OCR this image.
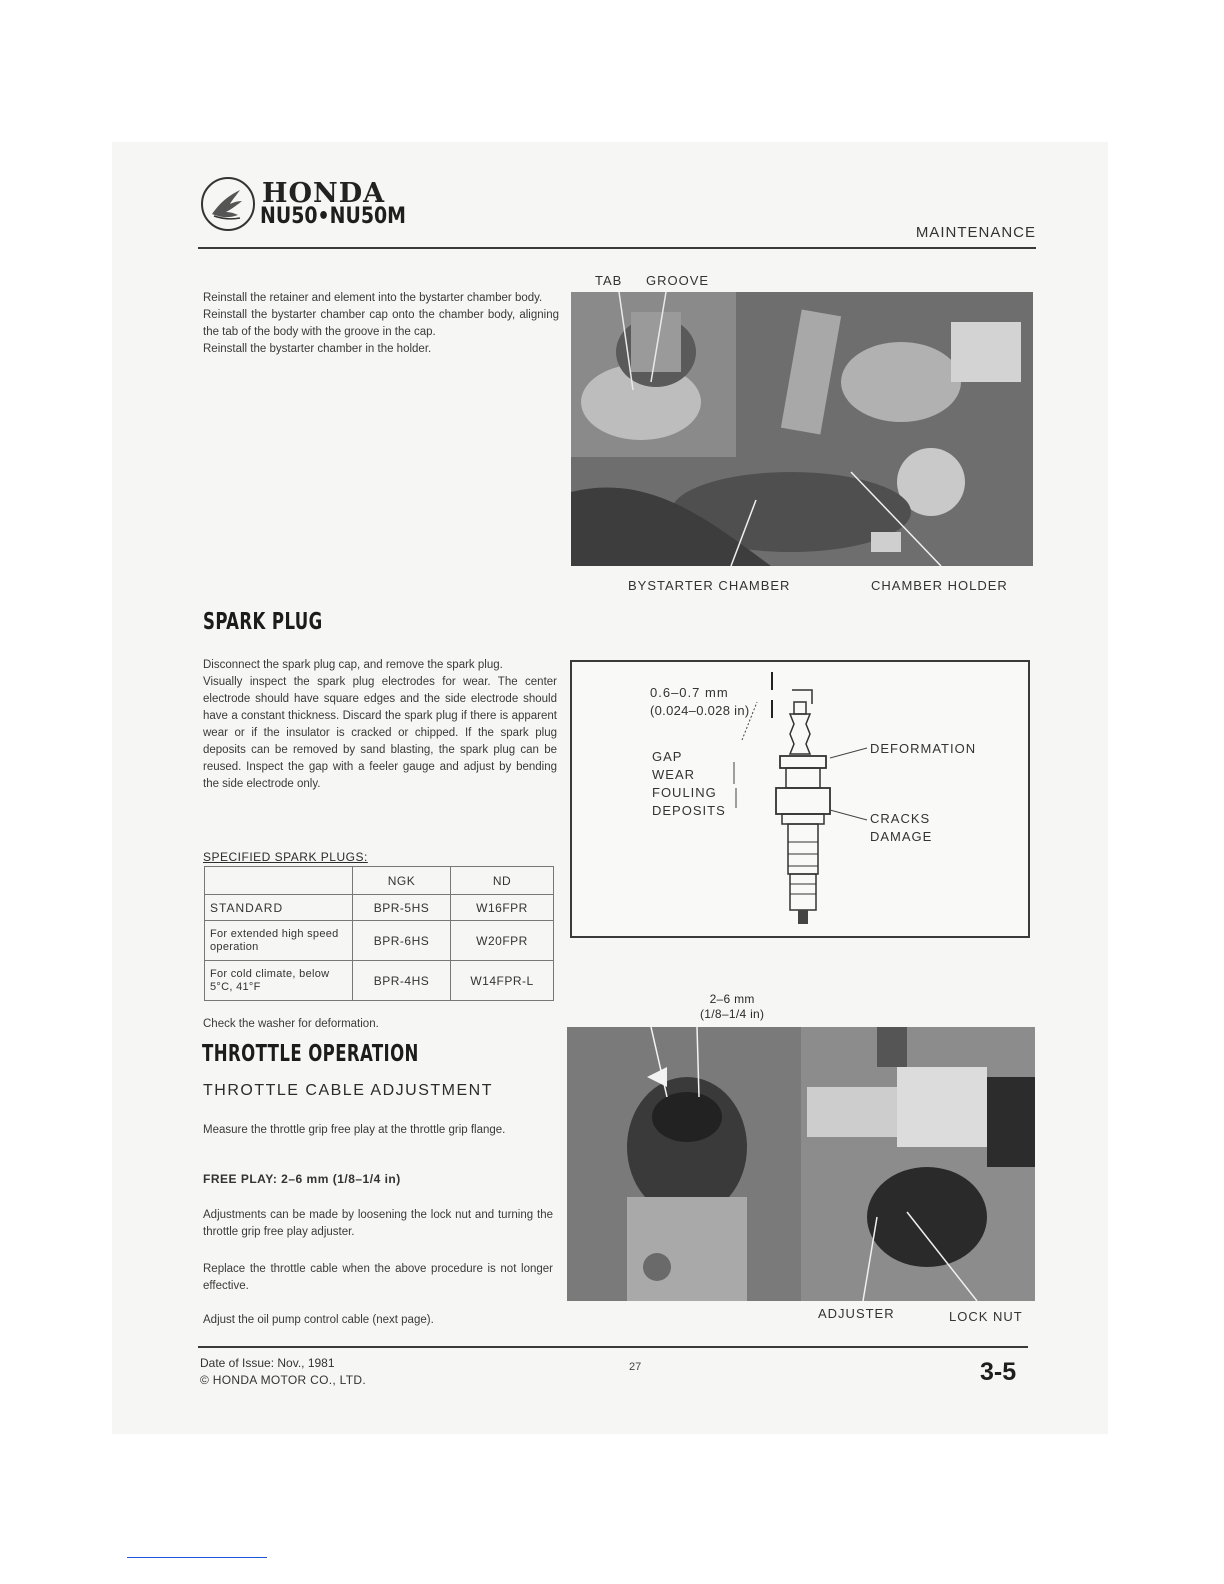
HONDA
NU50•NU50M
MAINTENANCE

Reinstall the retainer and element into the bystarter chamber body.

Reinstall the bystarter chamber cap onto the chamber body, aligning the tab of the body with the groove in the cap.

Reinstall the bystarter chamber in the holder.

TAB GROOVE
BYSTARTER CHAMBER	CHAMBER HOLDER
SPARK PLUG

Disconnect the spark plug cap, and remove the spark plug.

Visually inspect the spark plug electrodes for wear. The center electrode should have square edges and the side electrode should have a constant thickness. Discard the spark plug if there is apparent wear or if the insulator is cracked or chipped. If the spark plug deposits can be removed by sand blasting, the spark plug can be reused. Inspect the gap with a feeler gauge and adjust by bending the side electrode only.

SPECIFIED SPARK PLUGS:
	NGK	ND
STANDARD	BPR-5HS	W16FPR
For extended high speed operation	BPR-6HS	W20FPR
For cold climate, below 5°C, 41°F	BPR-4HS	W14FPR-L
Check the washer for deformation.
0.6–0.7 mm
(0.024–0.028 in)
GAP
WEAR
FOULING
DEPOSITS
DEFORMATION
CRACKS
DAMAGE
THROTTLE OPERATION
THROTTLE CABLE ADJUSTMENT
Measure the throttle grip free play at the throttle grip flange.
FREE PLAY: 2–6 mm (1/8–1/4 in)
Adjustments can be made by loosening the lock nut and turning the throttle grip free play adjuster.
Replace the throttle cable when the above procedure is not longer effective.
Adjust the oil pump control cable (next page).
2–6 mm
(1/8–1/4 in)
ADJUSTER	LOCK NUT
Date of Issue: Nov., 1981
© HONDA MOTOR CO., LTD.
27	3-5
